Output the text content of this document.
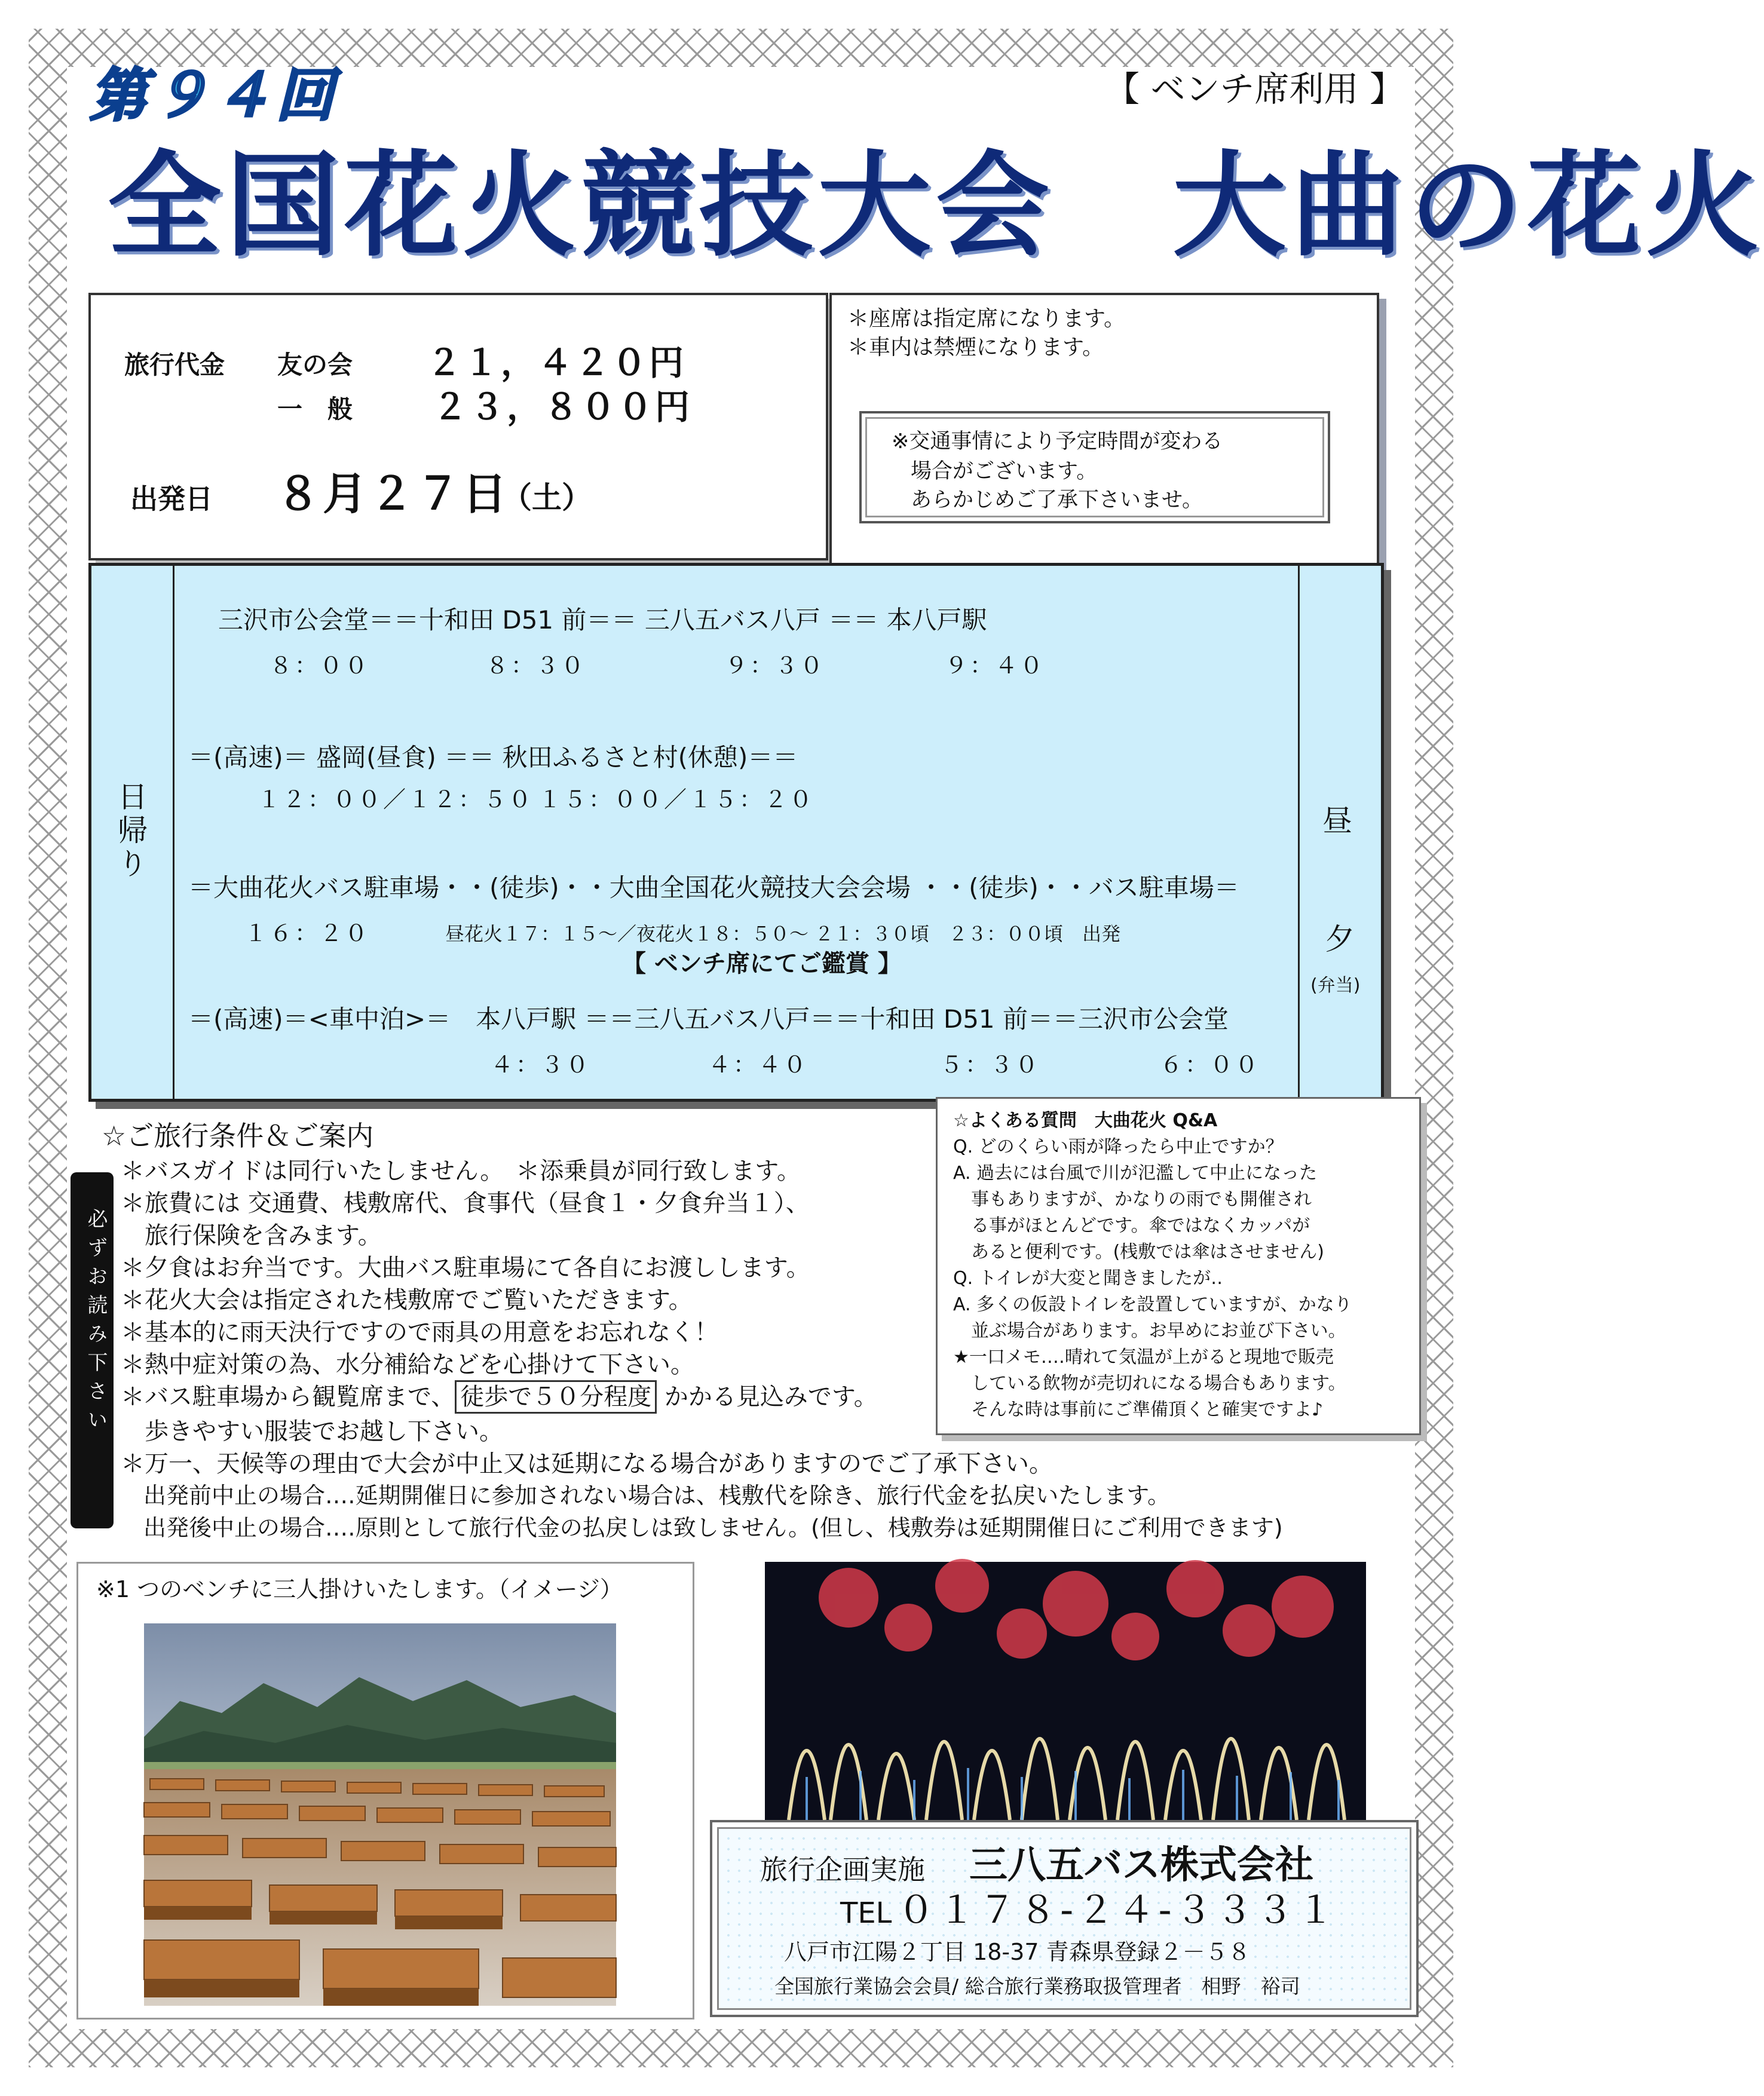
第９４回	【 ベンチ席利用 】
全国花火競技大会　大曲の花火
旅行代金 友の会 ２１，４２０円
一　般 ２３，８００円
出発日 ８月２７日
（土）
＊座席は指定席になります。
＊車内は禁煙になります。
※交通事情により予定時間が変わる
場合がございます。
あらかじめご了承下さいませ。
日帰り	昼
夕
(弁当)
三沢市公会堂＝＝十和田 D51 前＝＝ 三八五バス八戸 ＝＝ 本八戸駅
８：００	８：３０	９：３０	９：４０
＝(高速)＝ 盛岡(昼食) ＝＝ 秋田ふるさと村(休憩)＝＝
１２：００／１２：５０ １５：００／１５：２０
＝大曲花火バス駐車場・・(徒歩)・・大曲全国花火競技大会会場 ・・(徒歩)・・バス駐車場＝
１６：２０	昼花火１７：１５～／夜花火１８：５０～ ２１：３０頃　２３：００頃　出発
【 ベンチ席にてご鑑賞 】
＝(高速)＝<車中泊>＝　本八戸駅 ＝＝三八五バス八戸＝＝十和田 D51 前＝＝三沢市公会堂
４：３０	４：４０	５：３０	６：００
☆ご旅行条件＆ご案内
必ずお読み下さい
＊バスガイドは同行いたしません。　＊添乗員が同行致します。
＊旅費には 交通費、桟敷席代、食事代（昼食１・夕食弁当１）、
　旅行保険を含みます。
＊夕食はお弁当です。大曲バス駐車場にて各自にお渡しします。
＊花火大会は指定された桟敷席でご覧いただきます。
＊基本的に雨天決行ですので雨具の用意をお忘れなく！
＊熱中症対策の為、水分補給などを心掛けて下さい。
＊バス駐車場から観覧席まで、 徒歩で５０分程度 かかる見込みです。
　歩きやすい服装でお越し下さい。
＊万一、天候等の理由で大会が中止又は延期になる場合がありますのでご了承下さい。
　出発前中止の場合‥‥延期開催日に参加されない場合は、桟敷代を除き、旅行代金を払戻いたします。
　出発後中止の場合‥‥原則として旅行代金の払戻しは致しません。(但し、桟敷券は延期開催日にご利用できます)
☆よくある質問　大曲花火 Q&A
Q. どのくらい雨が降ったら中止ですか？
A. 過去には台風で川が氾濫して中止になった
　事もありますが、かなりの雨でも開催され
　る事がほとんどです。傘ではなくカッパが
　あると便利です。(桟敷では傘はさせません)
Q. トイレが大変と聞きましたが‥
A. 多くの仮設トイレを設置していますが、かなり
　並ぶ場合があります。お早めにお並び下さい。
★一口メモ‥‥晴れて気温が上がると現地で販売
　している飲物が売切れになる場合もあります。
　そんな時は事前にご準備頂くと確実ですよ♪
※1 つのベンチに三人掛けいたします。（イメージ）
旅行企画実施 三八五バス株式会社
TEL ０１７８-２４-３３３１
八戸市江陽２丁目 18-37 青森県登録２－５８
全国旅行業協会会員/ 総合旅行業務取扱管理者　相野　裕司
